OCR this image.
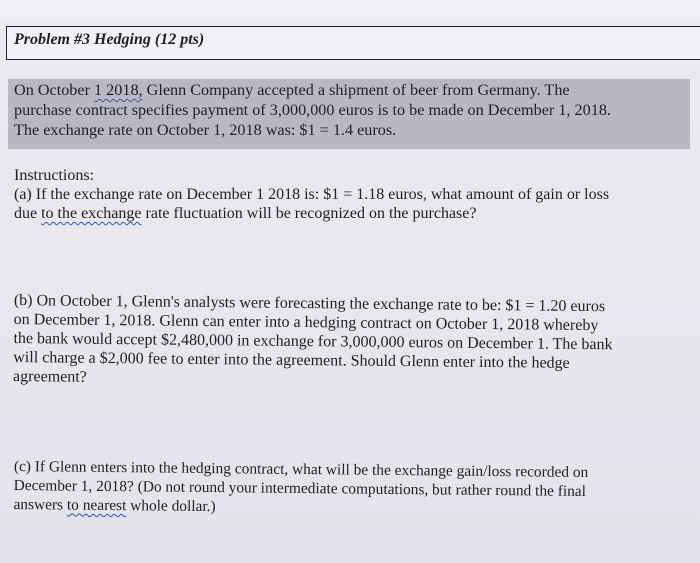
Problem #3 Hedging (12 pts)
On October 1 2018, Glenn Company accepted a shipment of beer from Germany. The
purchase contract specifies payment of 3,000,000 euros is to be made on December 1, 2018.
The exchange rate on October 1, 2018 was: $1 = 1.4 euros.
Instructions:
(a) If the exchange rate on December 1 2018 is: $1 = 1.18 euros, what amount of gain or loss
due to the exchange rate fluctuation will be recognized on the purchase?
(b) On October 1, Glenn's analysts were forecasting the exchange rate to be: $1 = 1.20 euros
on December 1, 2018. Glenn can enter into a hedging contract on October 1, 2018 whereby
the bank would accept $2,480,000 in exchange for 3,000,000 euros on December 1. The bank
will charge a $2,000 fee to enter into the agreement. Should Glenn enter into the hedge
agreement?
(c) If Glenn enters into the hedging contract, what will be the exchange gain/loss recorded on
December 1, 2018? (Do not round your intermediate computations, but rather round the final
answers to nearest whole dollar.)
